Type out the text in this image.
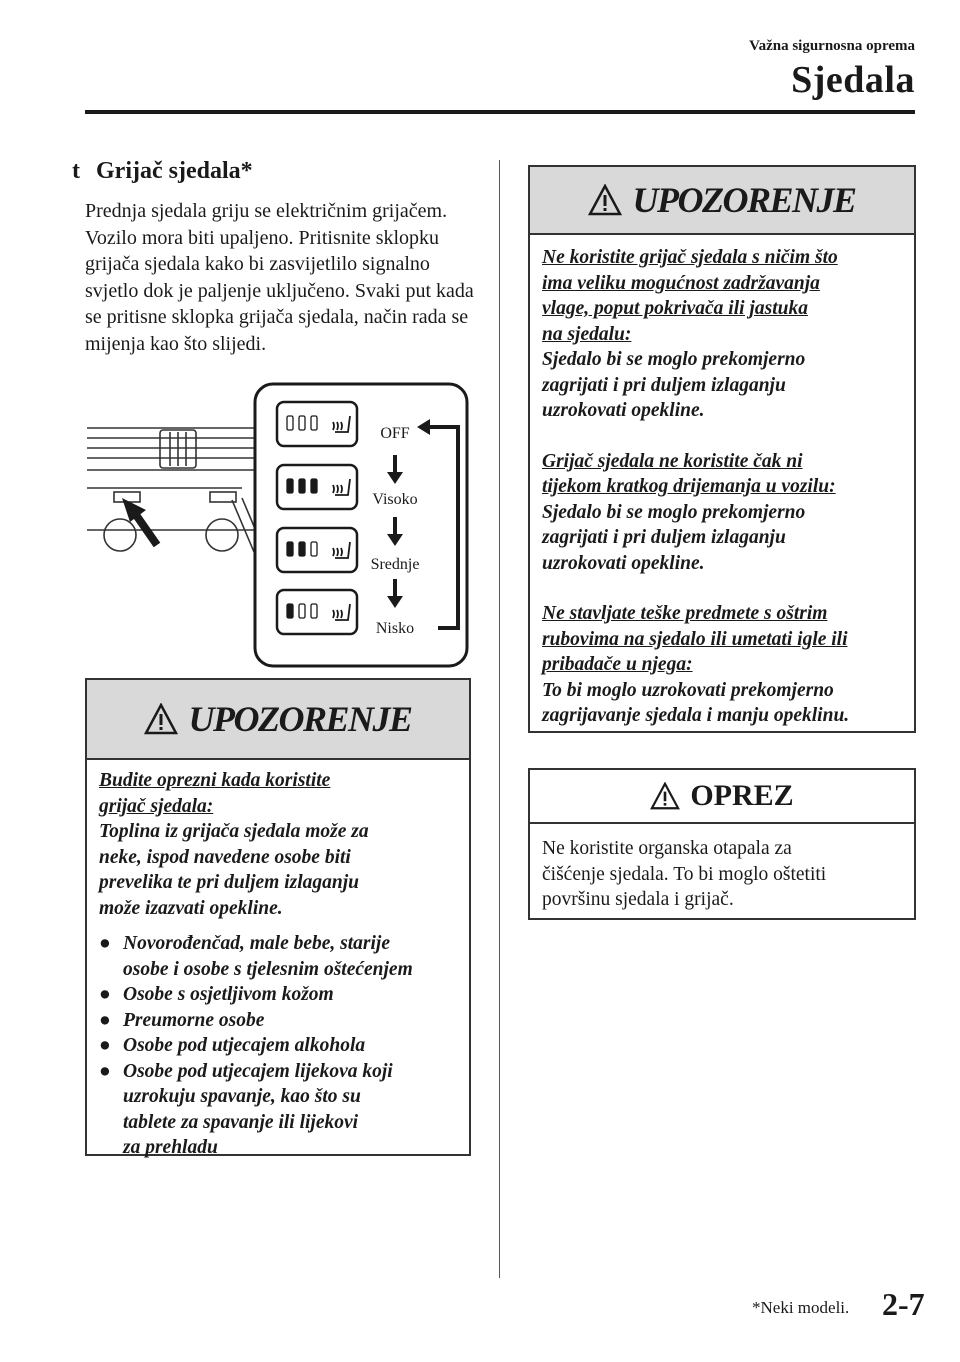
Važna sigurnosna oprema
Sjedala
t Grijač sjedala*
Prednja sjedala griju se električnim grijačem. Vozilo mora biti upaljeno. Pritisnite sklopku grijača sjedala kako bi zasvijetlilo signalno svjetlo dok je paljenje uključeno. Svaki put kada se pritisne sklopka grijača sjedala, način rada se mijenja kao što slijedi.
OFF
Visoko
Srednje
Nisko
UPOZORENJE
Budite oprezni kada koristite
grijač sjedala:
Toplina iz grijača sjedala može za
neke, ispod navedene osobe biti
prevelika te pri duljem izlaganju
može izazvati opekline.
● Novorođenčad, male bebe, starije
osobe i osobe s tjelesnim oštećenjem
● Osobe s osjetljivom kožom
● Preumorne osobe
● Osobe pod utjecajem alkohola
● Osobe pod utjecajem lijekova koji
uzrokuju spavanje, kao što su
tablete za spavanje ili lijekovi
za prehladu
UPOZORENJE
Ne koristite grijač sjedala s ničim što
ima veliku mogućnost zadržavanja
vlage, poput pokrivača ili jastuka
na sjedalu:
Sjedalo bi se moglo prekomjerno
zagrijati i pri duljem izlaganju
uzrokovati opekline.
Grijač sjedala ne koristite čak ni
tijekom kratkog drijemanja u vozilu:
Sjedalo bi se moglo prekomjerno
zagrijati i pri duljem izlaganju
uzrokovati opekline.
Ne stavljate teške predmete s oštrim
rubovima na sjedalo ili umetati igle ili
pribadače u njega:
To bi moglo uzrokovati prekomjerno
zagrijavanje sjedala i manju opeklinu.
OPREZ
Ne koristite organska otapala za
čišćenje sjedala. To bi moglo oštetiti
površinu sjedala i grijač.
*Neki modeli. 2-7
